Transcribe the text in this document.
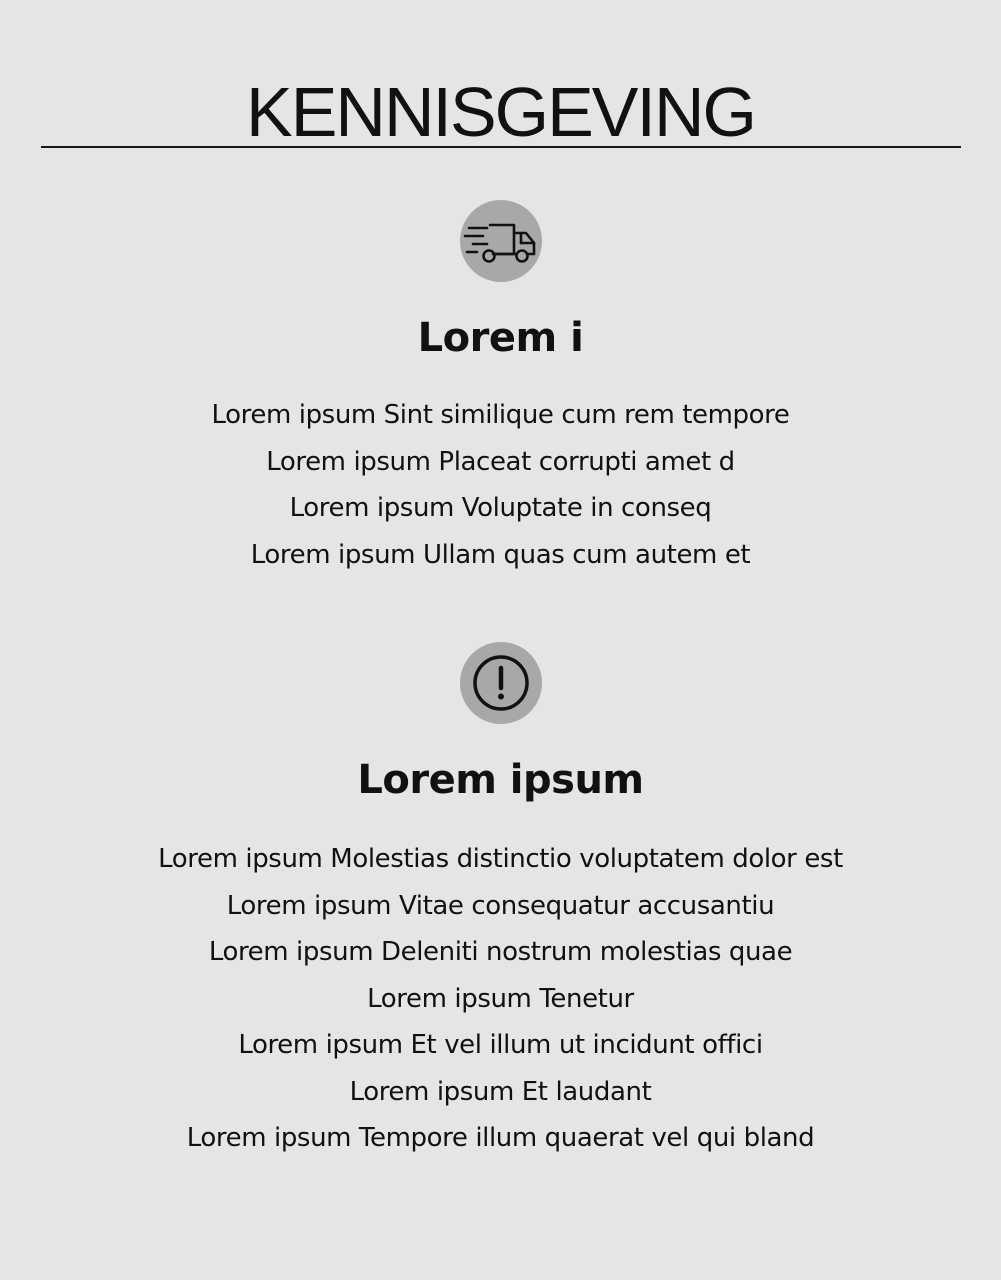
KENNISGEVING
Lorem i
Lorem ipsum Sint similique cum rem tempore
Lorem ipsum Placeat corrupti amet d
Lorem ipsum Voluptate in conseq
Lorem ipsum Ullam quas cum autem et
Lorem ipsum
Lorem ipsum Molestias distinctio voluptatem dolor est
Lorem ipsum Vitae consequatur accusantiu
Lorem ipsum Deleniti nostrum molestias quae
Lorem ipsum Tenetur
Lorem ipsum Et vel illum ut incidunt offici
Lorem ipsum Et laudant
Lorem ipsum Tempore illum quaerat vel qui bland
